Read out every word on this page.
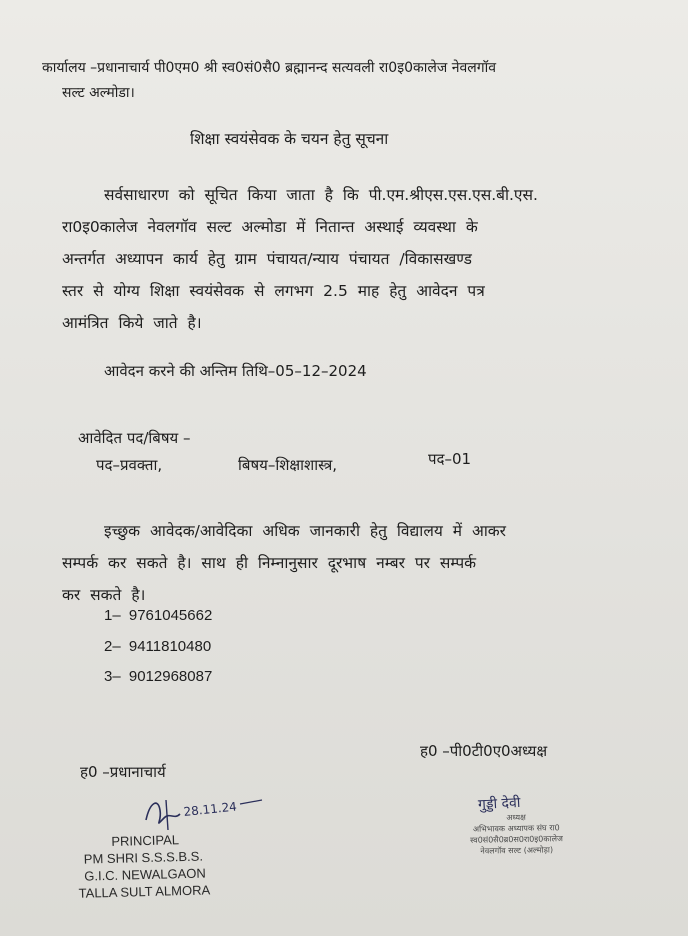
कार्यालय –प्रधानाचार्य पी0एम0 श्री स्व0सं0सै0 ब्रह्मानन्द सत्यवली रा0इ0कालेज नेवलगॉव
सल्ट अल्मोडा।
शिक्षा स्वयंसेवक के चयन हेतु सूचना
सर्वसाधारण को सूचित किया जाता है कि पी.एम.श्रीएस.एस.एस.बी.एस.
रा0इ0कालेज नेवलगॉव सल्ट अल्मोडा में नितान्त अस्थाई व्यवस्था के
अन्तर्गत अध्यापन कार्य हेतु ग्राम पंचायत/न्याय पंचायत /विकासखण्ड
स्तर से योग्य शिक्षा स्वयंसेवक से लगभग 2.5 माह हेतु आवेदन पत्र
आमंत्रित किये जाते है।
आवेदन करने की अन्तिम तिथि–05–12–2024
आवेदित पद/बिषय –
पद–प्रवक्ता,	बिषय–शिक्षाशास्त्र,	पद–01
इच्छुक आवेदक/आवेदिका अधिक जानकारी हेतु विद्यालय में आकर
सम्पर्क कर सकते है। साथ ही निम्नानुसार दूरभाष नम्बर पर सम्पर्क
कर सकते है।
1– 9761045662
2– 9411810480
3– 9012968087
ह0 –प्रधानाचार्य
ह0 –पी0टी0ए0अध्यक्ष
28.11.24
PRINCIPAL
PM SHRI S.S.S.B.S.
G.I.C. NEWALGAON
TALLA SULT ALMORA
गुड्डी देवी
अध्यक्ष
अभिभावक अध्यापक संघ रा0
स्व0सं0सै0ब्र0स0रा0इ0कालेज
नेवलगॉव सल्ट (अल्मोड़ा)
